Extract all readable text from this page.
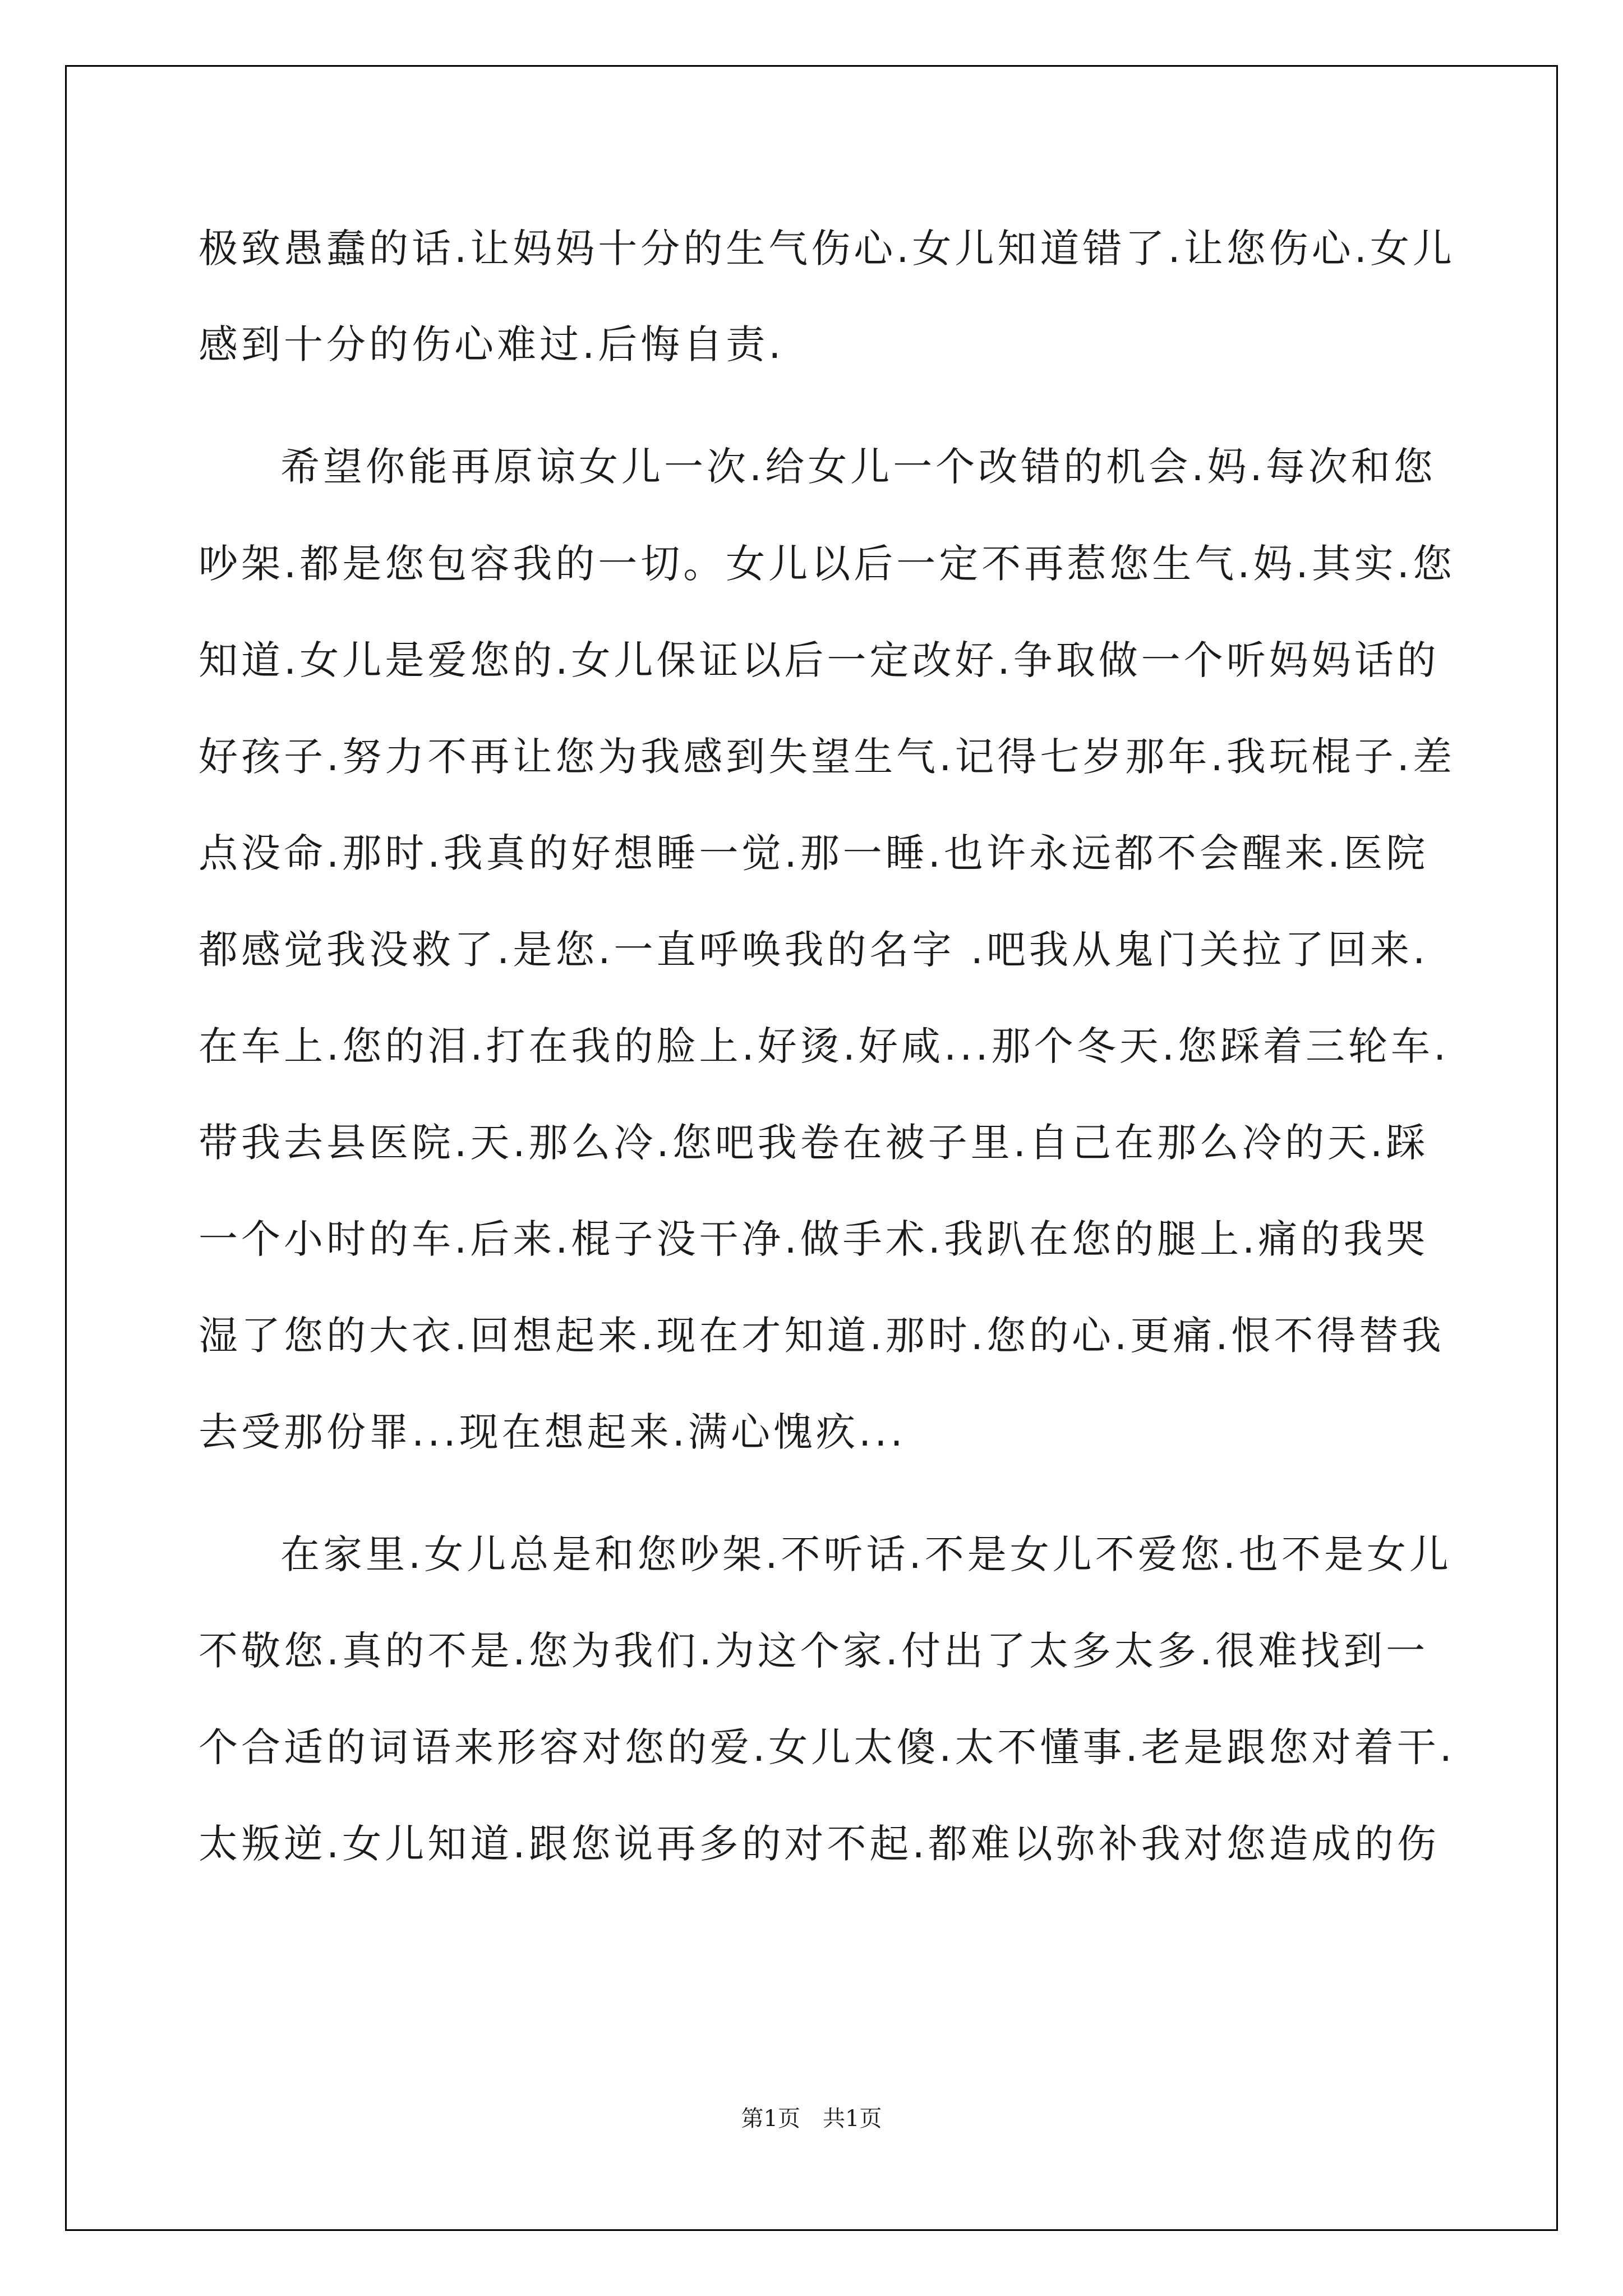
极致愚蠢的话.让妈妈十分的生气伤心.女儿知道错了.让您伤心.女儿
感到十分的伤心难过.后悔自责.
希望你能再原谅女儿一次.给女儿一个改错的机会.妈.每次和您
吵架.都是您包容我的一切。女儿以后一定不再惹您生气.妈.其实.您
知道.女儿是爱您的.女儿保证以后一定改好.争取做一个听妈妈话的
好孩子.努力不再让您为我感到失望生气.记得七岁那年.我玩棍子.差
点没命.那时.我真的好想睡一觉.那一睡.也许永远都不会醒来.医院
都感觉我没救了.是您.一直呼唤我的名字 .吧我从鬼门关拉了回来.
在车上.您的泪.打在我的脸上.好烫.好咸...那个冬天.您踩着三轮车.
带我去县医院.天.那么冷.您吧我卷在被子里.自己在那么冷的天.踩
一个小时的车.后来.棍子没干净.做手术.我趴在您的腿上.痛的我哭
湿了您的大衣.回想起来.现在才知道.那时.您的心.更痛.恨不得替我
去受那份罪...现在想起来.满心愧疚...
在家里.女儿总是和您吵架.不听话.不是女儿不爱您.也不是女儿
不敬您.真的不是.您为我们.为这个家.付出了太多太多.很难找到一
个合适的词语来形容对您的爱.女儿太傻.太不懂事.老是跟您对着干.
太叛逆.女儿知道.跟您说再多的对不起.都难以弥补我对您造成的伤
第1页 共1页
